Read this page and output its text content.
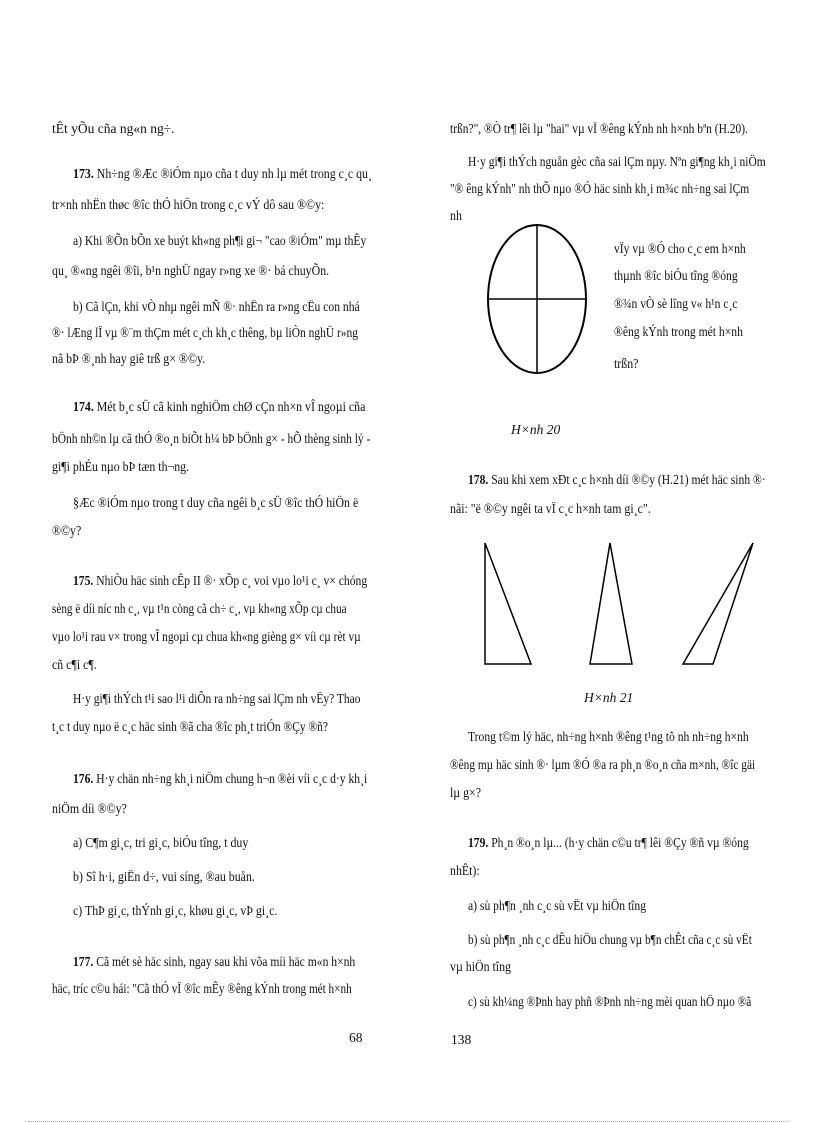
tÊt yÕu cña ng«n ng÷.
173. Nh÷ng ®Æc ®iÓm nµo cña t duy nh lµ mét trong c¸c qu¸
tr×nh nhËn thøc ®îc thÓ hiÖn trong c¸c vÝ dô sau ®©y:
a) Khi ®Õn bÕn xe buýt kh«ng ph¶i gi¬ "cao ®iÓm" mµ thÊy
qu¸ ®«ng ngêi ®îi, b¹n nghÜ ngay r»ng xe ®· bá chuyÕn.
b) Cã lÇn, khi vÒ nhµ ngêi mÑ ®· nhËn ra r»ng cËu con nhá
®· lÆng lÏ vµ ®¨m thÇm mét c¸ch kh¸c thêng, bµ liÒn nghÜ r»ng
nã bÞ ®¸nh hay giê trß g× ®©y.
174. Mét b¸c sÜ cã kinh nghiÖm chØ cÇn nh×n vÎ ngoµi cña
bÖnh nh©n lµ cã thÓ ®o¸n biÕt h¼ bÞ bÖnh g× - hÕ thèng sinh lý -
gi¶i phÉu nµo bÞ tæn th¬ng.
§Æc ®iÓm nµo trong t duy cña ngêi b¸c sÜ ®îc thÓ hiÖn ë
®©y?
175. NhiÒu häc sinh cÊp II ®· xÕp c¸ voi vµo lo¹i c¸ v× chóng
sèng ë díi níc nh c¸, vµ t¹n còng cã ch÷ c¸, vµ kh«ng xÕp cµ chua
vµo lo¹i rau v× trong vÎ ngoµi cµ chua kh«ng gièng g× víi cµ rèt vµ
cñ c¶i c¶.
H·y gi¶i thÝch t¹i sao l¹i diÔn ra nh÷ng sai lÇm nh vËy? Thao
t¸c t duy nµo ë c¸c häc sinh ®ã cha ®îc ph¸t triÓn ®Çy ®ñ?
176. H·y chän nh÷ng kh¸i niÖm chung h¬n ®èi víi c¸c d·y kh¸i
niÖm díi ®©y?
a) C¶m gi¸c, tri gi¸c, biÓu tîng, t duy
b) Sî h·i, giËn d÷, vui síng, ®au buån.
c) ThÞ gi¸c, thÝnh gi¸c, khøu gi¸c, vÞ gi¸c.
177. Cã mét sè häc sinh, ngay sau khi võa míi häc m«n h×nh
häc, tríc c©u hái: "Cã thÓ vÏ ®îc mÊy ®êng kÝnh trong mét h×nh
68
trßn?", ®Ò tr¶ lêi lµ "hai" vµ vÏ ®êng kÝnh nh h×nh bªn (H.20).
H·y gi¶i thÝch nguån gèc cña sai lÇm nµy. Nªn gi¶ng kh¸i niÖm
"® êng kÝnh" nh thÕ nµo ®Ó häc sinh kh¸i m¾c nh÷ng sai lÇm
nh
vÏy vµ ®Ó cho c¸c em h×nh
thµnh ®îc biÓu tîng ®óng
®¾n vÒ sè lîng v« h¹n c¸c
®êng kÝnh trong mét h×nh
trßn?
H×nh 20
178. Sau khi xem xÐt c¸c h×nh díi ®©y (H.21) mét häc sinh ®·
nãi: "ë ®©y ngêi ta vÏ c¸c h×nh tam gi¸c".
H×nh 21
Trong t©m lý häc, nh÷ng h×nh ®êng t¹ng tõ nh nh÷ng h×nh
®êng mµ häc sinh ®· lµm ®Ó ®a ra ph¸n ®o¸n cña m×nh, ®îc gäi
lµ g×?
179. Ph¸n ®o¸n lµ... (h·y chän c©u tr¶ lêi ®Çy ®ñ vµ ®óng
nhÊt):
a) sù ph¶n ¸nh c¸c sù vËt vµ hiÖn tîng
b) sù ph¶n ¸nh c¸c dÊu hiÖu chung vµ b¶n chÊt cña c¸c sù vËt
vµ hiÖn tîng
c) sù kh¼ng ®Þnh hay phñ ®Þnh nh÷ng mèi quan hÖ nµo ®ã
138
